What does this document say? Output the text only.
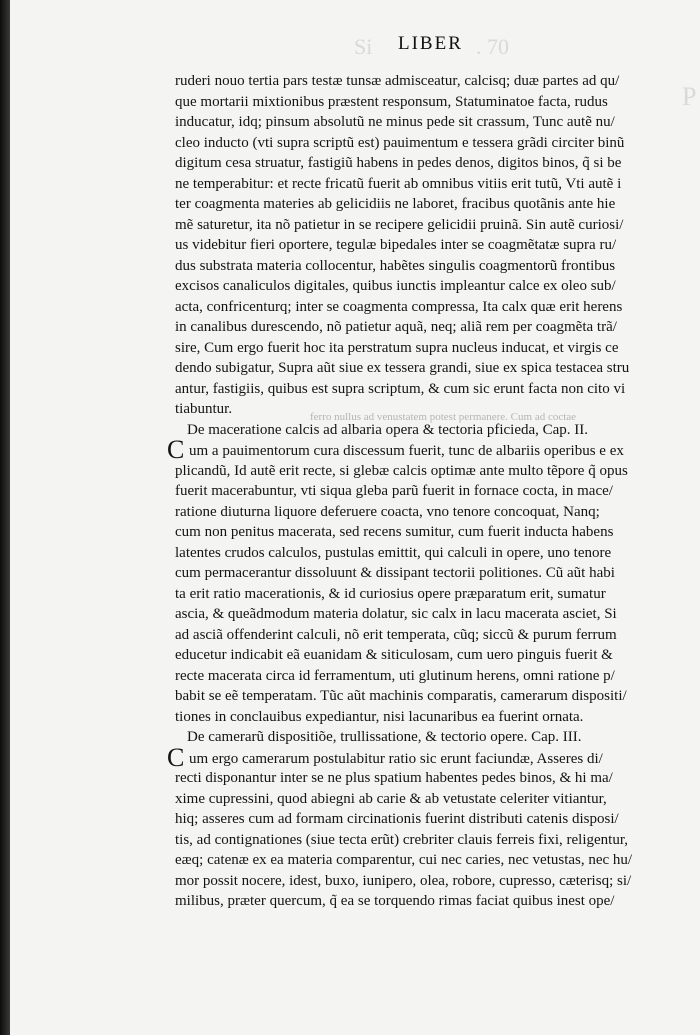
Si	. 70
P
LIBER
ruderi nouo tertia pars testæ tunsæ admisceatur, calcisq; duæ partes ad qu/
que mortarii mixtionibus præstent responsum, Statuminatoe facta, rudus
inducatur, idq; pinsum absolutũ ne minus pede sit crassum, Tunc autẽ nu/
cleo inducto (vti supra scriptũ est) pauimentum e tessera grãdi circiter binũ
digitum cesa struatur, fastigiũ habens in pedes denos, digitos binos, q̃ si be
ne temperabitur: et recte fricatũ fuerit ab omnibus vitiis erit tutũ, Vti autẽ i
ter coagmenta materies ab gelicidiis ne laboret, fracibus quotãnis ante hie
mẽ saturetur, ita nõ patietur in se recipere gelicidii pruinã. Sin autẽ curiosi/
us videbitur fieri oportere, tegulæ bipedales inter se coagmẽtatæ supra ru/
dus substrata materia collocentur, habẽtes singulis coagmentorũ frontibus
excisos canaliculos digitales, quibus iunctis impleantur calce ex oleo sub/
acta, confricenturq; inter se coagmenta compressa, Ita calx quæ erit herens
in canalibus durescendo, nõ patietur aquã, neq; aliã rem per coagmẽta trã/
sire, Cum ergo fuerit hoc ita perstratum supra nucleus inducat, et virgis ce
dendo subigatur, Supra aũt siue ex tessera grandi, siue ex spica testacea stru
antur, fastigiis, quibus est supra scriptum, & cum sic erunt facta non cito vi
tiabuntur.
De maceratione calcis ad albaria opera & tectoria pficieda, Cap. II.
Cum a pauimentorum cura discessum fuerit, tunc de albariis operibus e ex
plicandũ, Id autẽ erit recte, si glebæ calcis optimæ ante multo tẽpore q̃ opus
fuerit macerabuntur, vti siqua gleba parũ fuerit in fornace cocta, in mace/
ratione diuturna liquore deferuere coacta, vno tenore concoquat, Nanq;
cum non penitus macerata, sed recens sumitur, cum fuerit inducta habens
latentes crudos calculos, pustulas emittit, qui calculi in opere, uno tenore
cum permacerantur dissoluunt & dissipant tectorii politiones. Cũ aũt habi
ta erit ratio macerationis, & id curiosius opere præparatum erit, sumatur
ascia, & queãdmodum materia dolatur, sic calx in lacu macerata asciet, Si
ad asciã offenderint calculi, nõ erit temperata, cũq; siccũ & purum ferrum
educetur indicabit eã euanidam & siticulosam, cum uero pinguis fuerit &
recte macerata circa id ferramentum, uti glutinum herens, omni ratione p/
babit se eẽ temperatam. Tũc aũt machinis comparatis, camerarum dispositi/
tiones in conclauibus expediantur, nisi lacunaribus ea fuerint ornata.
De camerarũ dispositiõe, trullissatione, & tectorio opere. Cap. III.
Cum ergo camerarum postulabitur ratio sic erunt faciundæ, Asseres di/
recti disponantur inter se ne plus spatium habentes pedes binos, & hi ma/
xime cupressini, quod abiegni ab carie & ab vetustate celeriter vitiantur,
hiq; asseres cum ad formam circinationis fuerint distributi catenis disposi/
tis, ad contignationes (siue tecta erũt) crebriter clauis ferreis fixi, religentur,
eæq; catenæ ex ea materia comparentur, cui nec caries, nec vetustas, nec hu/
mor possit nocere, idest, buxo, iunipero, olea, robore, cupresso, cæterisq; si/
milibus, præter quercum, q̃ ea se torquendo rimas faciat quibus inest ope/
ferro nullus ad venustatem potest permanere. Cum ad coctae
